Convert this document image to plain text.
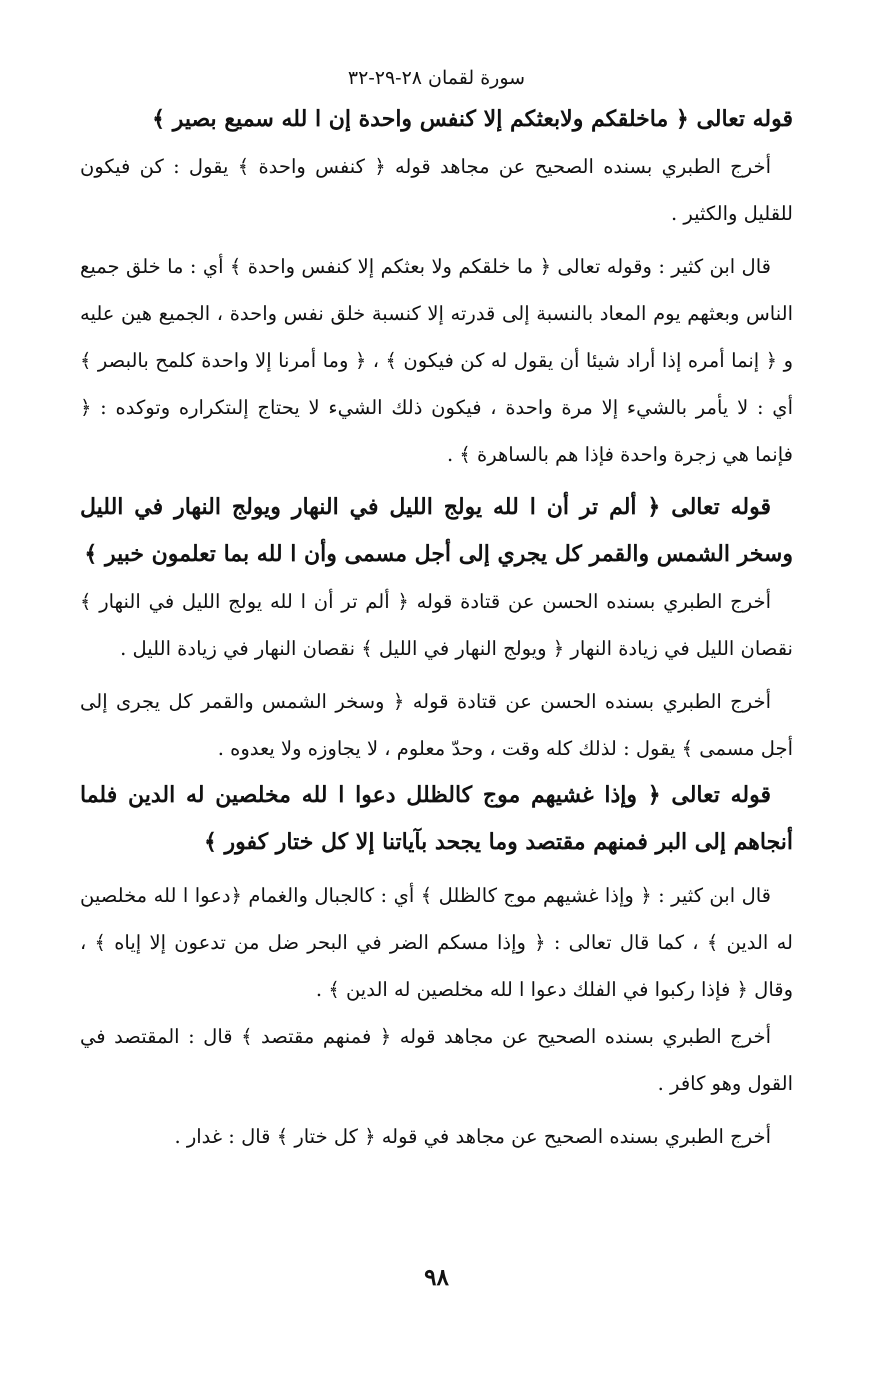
سورة لقمان ٢٨-٢٩-٣٢

قوله تعالى ﴿ ماخلقكم ولابعثكم إلا كنفس واحدة إن ا لله سميع بصير ﴾

أخرج الطبري بسنده الصحيح عن مجاهد قوله ﴿ كنفس واحدة ﴾ يقول : كن فيكون للقليل والكثير .

قال ابن كثير : وقوله تعالى ﴿ ما خلقكم ولا بعثكم إلا كنفس واحدة ﴾ أي : ما خلق جميع الناس وبعثهم يوم المعاد بالنسبة إلى قدرته إلا كنسبة خلق نفس واحدة ، الجميع هين عليه و ﴿ إنما أمره إذا أراد شيئا أن يقول له كن فيكون ﴾ ، ﴿ وما أمرنا إلا واحدة كلمح بالبصر ﴾ أي : لا يأمر بالشيء إلا مرة واحدة ، فيكون ذلك الشيء لا يحتاج إلىتكراره وتوكده : ﴿ فإنما هي زجرة واحدة فإذا هم بالساهرة ﴾ .

قوله تعالى ﴿ ألم تر أن ا لله يولج الليل في النهار ويولج النهار في الليل وسخر الشمس والقمر كل يجري إلى أجل مسمى وأن ا لله بما تعلمون خبير ﴾

أخرج الطبري بسنده الحسن عن قتادة قوله ﴿ ألم تر أن ا لله يولج الليل في النهار ﴾ نقصان الليل في زيادة النهار ﴿ ويولج النهار في الليل ﴾ نقصان النهار في زيادة الليل .

أخرج الطبري بسنده الحسن عن قتادة قوله ﴿ وسخر الشمس والقمر كل يجرى إلى أجل مسمى ﴾ يقول : لذلك كله وقت ، وحدّ معلوم ، لا يجاوزه ولا يعدوه .

قوله تعالى ﴿ وإذا غشيهم موج كالظلل دعوا ا لله مخلصين له الدين فلما أنجاهم إلى البر فمنهم مقتصد وما يجحد بآياتنا إلا كل ختار كفور ﴾

قال ابن كثير : ﴿ وإذا غشيهم موج كالظلل ﴾ أي : كالجبال والغمام ﴿دعوا ا لله مخلصين له الدين ﴾ ، كما قال تعالى : ﴿ وإذا مسكم الضر في البحر ضل من تدعون إلا إياه ﴾ ، وقال ﴿ فإذا ركبوا في الفلك دعوا ا لله مخلصين له الدين ﴾ .

أخرج الطبري بسنده الصحيح عن مجاهد قوله ﴿ فمنهم مقتصد ﴾ قال : المقتصد في القول وهو كافر .

أخرج الطبري بسنده الصحيح عن مجاهد في قوله ﴿ كل ختار ﴾ قال : غدار .

٩٨
